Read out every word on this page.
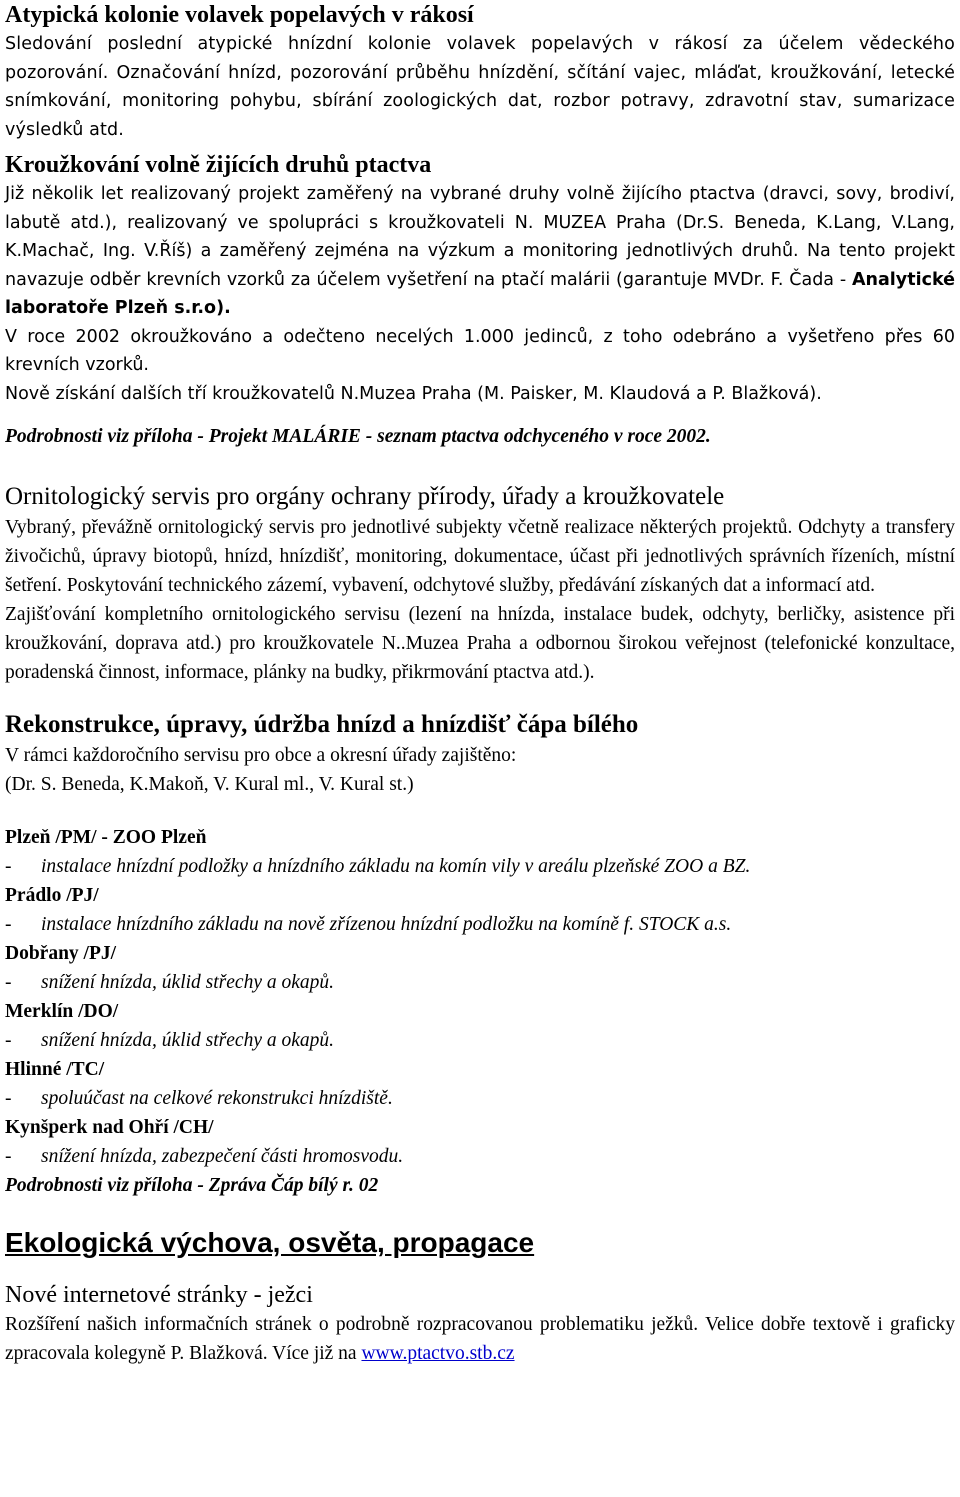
Atypická kolonie volavek popelavých v rákosí

Sledování poslední atypické hnízdní kolonie volavek popelavých v rákosí za účelem vědeckého pozorování. Označování hnízd, pozorování průběhu hnízdění, sčítání vajec, mláďat, kroužkování, letecké snímkování, monitoring pohybu, sbírání zoologických dat, rozbor potravy, zdravotní stav, sumarizace výsledků atd.

Kroužkování volně žijících druhů ptactva

Již několik let realizovaný projekt zaměřený na vybrané druhy volně žijícího ptactva (dravci, sovy, brodiví, labutě atd.), realizovaný ve spolupráci s kroužkovateli N. MUZEA Praha (Dr.S. Beneda, K.Lang, V.Lang, K.Machač, Ing. V.Říš) a zaměřený zejména na výzkum a monitoring jednotlivých druhů. Na tento projekt navazuje odběr krevních vzorků za účelem vyšetření na ptačí malárii (garantuje MVDr. F. Čada - Analytické laboratoře Plzeň s.r.o).

V roce 2002 okroužkováno a odečteno necelých 1.000 jedinců, z toho odebráno a vyšetřeno přes 60 krevních vzorků.

Nově získání dalších tří kroužkovatelů N.Muzea Praha (M. Paisker, M. Klaudová a P. Blažková).

Podrobnosti viz příloha - Projekt MALÁRIE - seznam ptactva odchyceného v roce 2002.

Ornitologický servis pro orgány ochrany přírody, úřady a kroužkovatele

Vybraný, převážně ornitologický servis pro jednotlivé subjekty včetně realizace některých projektů. Odchyty a transfery živočichů, úpravy biotopů, hnízd, hnízdišť, monitoring, dokumentace, účast při jednotlivých správních řízeních, místní šetření. Poskytování technického zázemí, vybavení, odchytové služby, předávání získaných dat a informací atd.

Zajišťování kompletního ornitologického servisu (lezení na hnízda, instalace budek, odchyty, berličky, asistence při kroužkování, doprava atd.) pro kroužkovatele N..Muzea Praha a odbornou širokou veřejnost (telefonické konzultace, poradenská činnost, informace, plánky na budky, přikrmování ptactva atd.).

Rekonstrukce, úpravy, údržba hnízd a hnízdišť čápa bílého

V rámci každoročního servisu pro obce a okresní úřady zajištěno:

(Dr. S. Beneda, K.Makoň, V. Kural ml., V. Kural st.)

Plzeň /PM/ - ZOO Plzeň

- instalace hnízdní podložky a hnízdního základu na komín vily v areálu plzeňské ZOO a BZ.

Prádlo /PJ/

- instalace hnízdního základu na nově zřízenou hnízdní podložku na komíně f. STOCK a.s.

Dobřany /PJ/

- snížení hnízda, úklid střechy a okapů.

Merklín /DO/

- snížení hnízda, úklid střechy a okapů.

Hlinné /TC/

- spoluúčast na celkové rekonstrukci hnízdiště.

Kynšperk nad Ohří /CH/

- snížení hnízda, zabezpečení části hromosvodu.

Podrobnosti viz příloha - Zpráva Čáp bílý r. 02

Ekologická výchova, osvěta, propagace
Nové internetové stránky - ježci

Rozšíření našich informačních stránek o podrobně rozpracovanou problematiku ježků. Velice dobře textově i graficky zpracovala kolegyně P. Blažková. Více již na www.ptactvo.stb.cz
